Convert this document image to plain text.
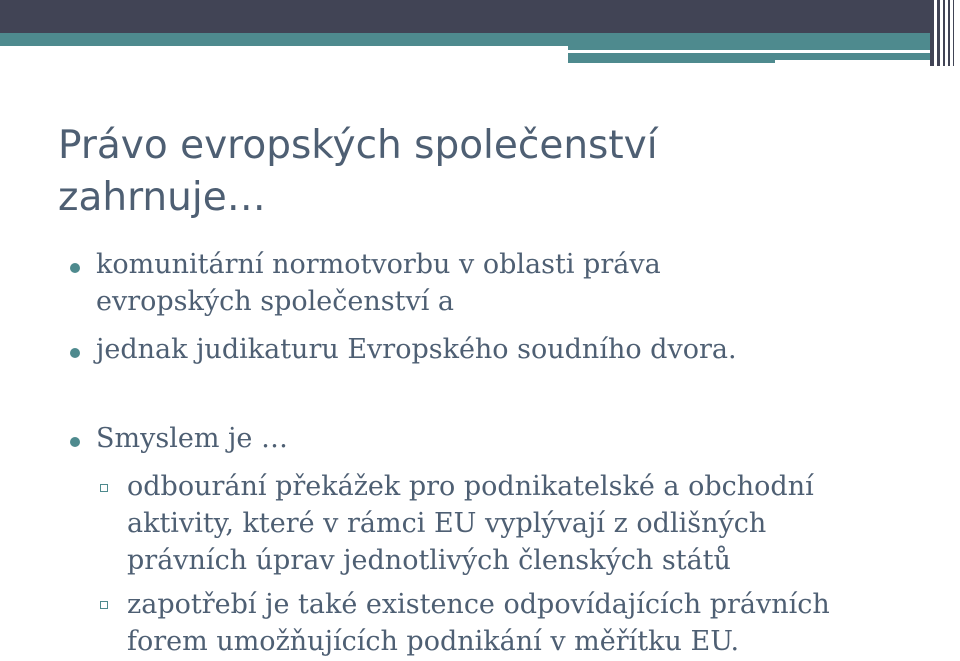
Právo evropských společenství
zahrnuje…
komunitární normotvorbu v oblasti práva
evropských společenství a
jednak judikaturu Evropského soudního dvora.
Smyslem je …
odbourání překážek pro podnikatelské a obchodní
aktivity, které v rámci EU vyplývají z odlišných
právních úprav jednotlivých členských států
zapotřebí je také existence odpovídajících právních
forem umožňujících podnikání v měřítku EU.
